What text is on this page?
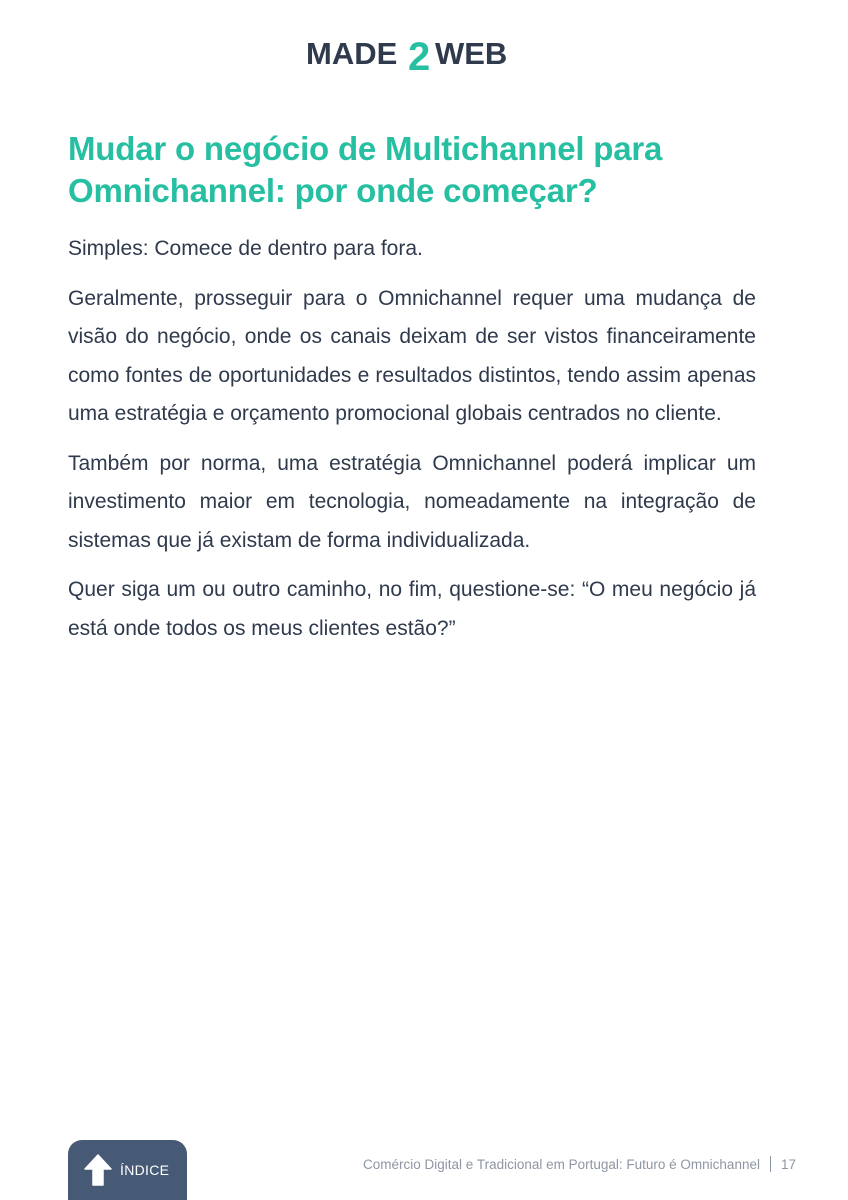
MADE 2 WEB
Mudar o negócio de Multichannel para Omnichannel: por onde começar?

Simples: Comece de dentro para fora.

Geralmente, prosseguir para o Omnichannel requer uma mudança de visão do negócio, onde os canais deixam de ser vistos financeiramente como fontes de oportunidades e resultados distintos, tendo assim apenas uma estratégia e orçamento promocional globais centrados no cliente.

Também por norma, uma estratégia Omnichannel poderá implicar um investimento maior em tecnologia, nomeadamente na integração de sistemas que já existam de forma individualizada.

Quer siga um ou outro caminho, no fim, questione-se: “O meu negócio já está onde todos os meus clientes estão?”

ÍNDICE	Comércio Digital e Tradicional em Portugal: Futuro é Omnichannel 17
